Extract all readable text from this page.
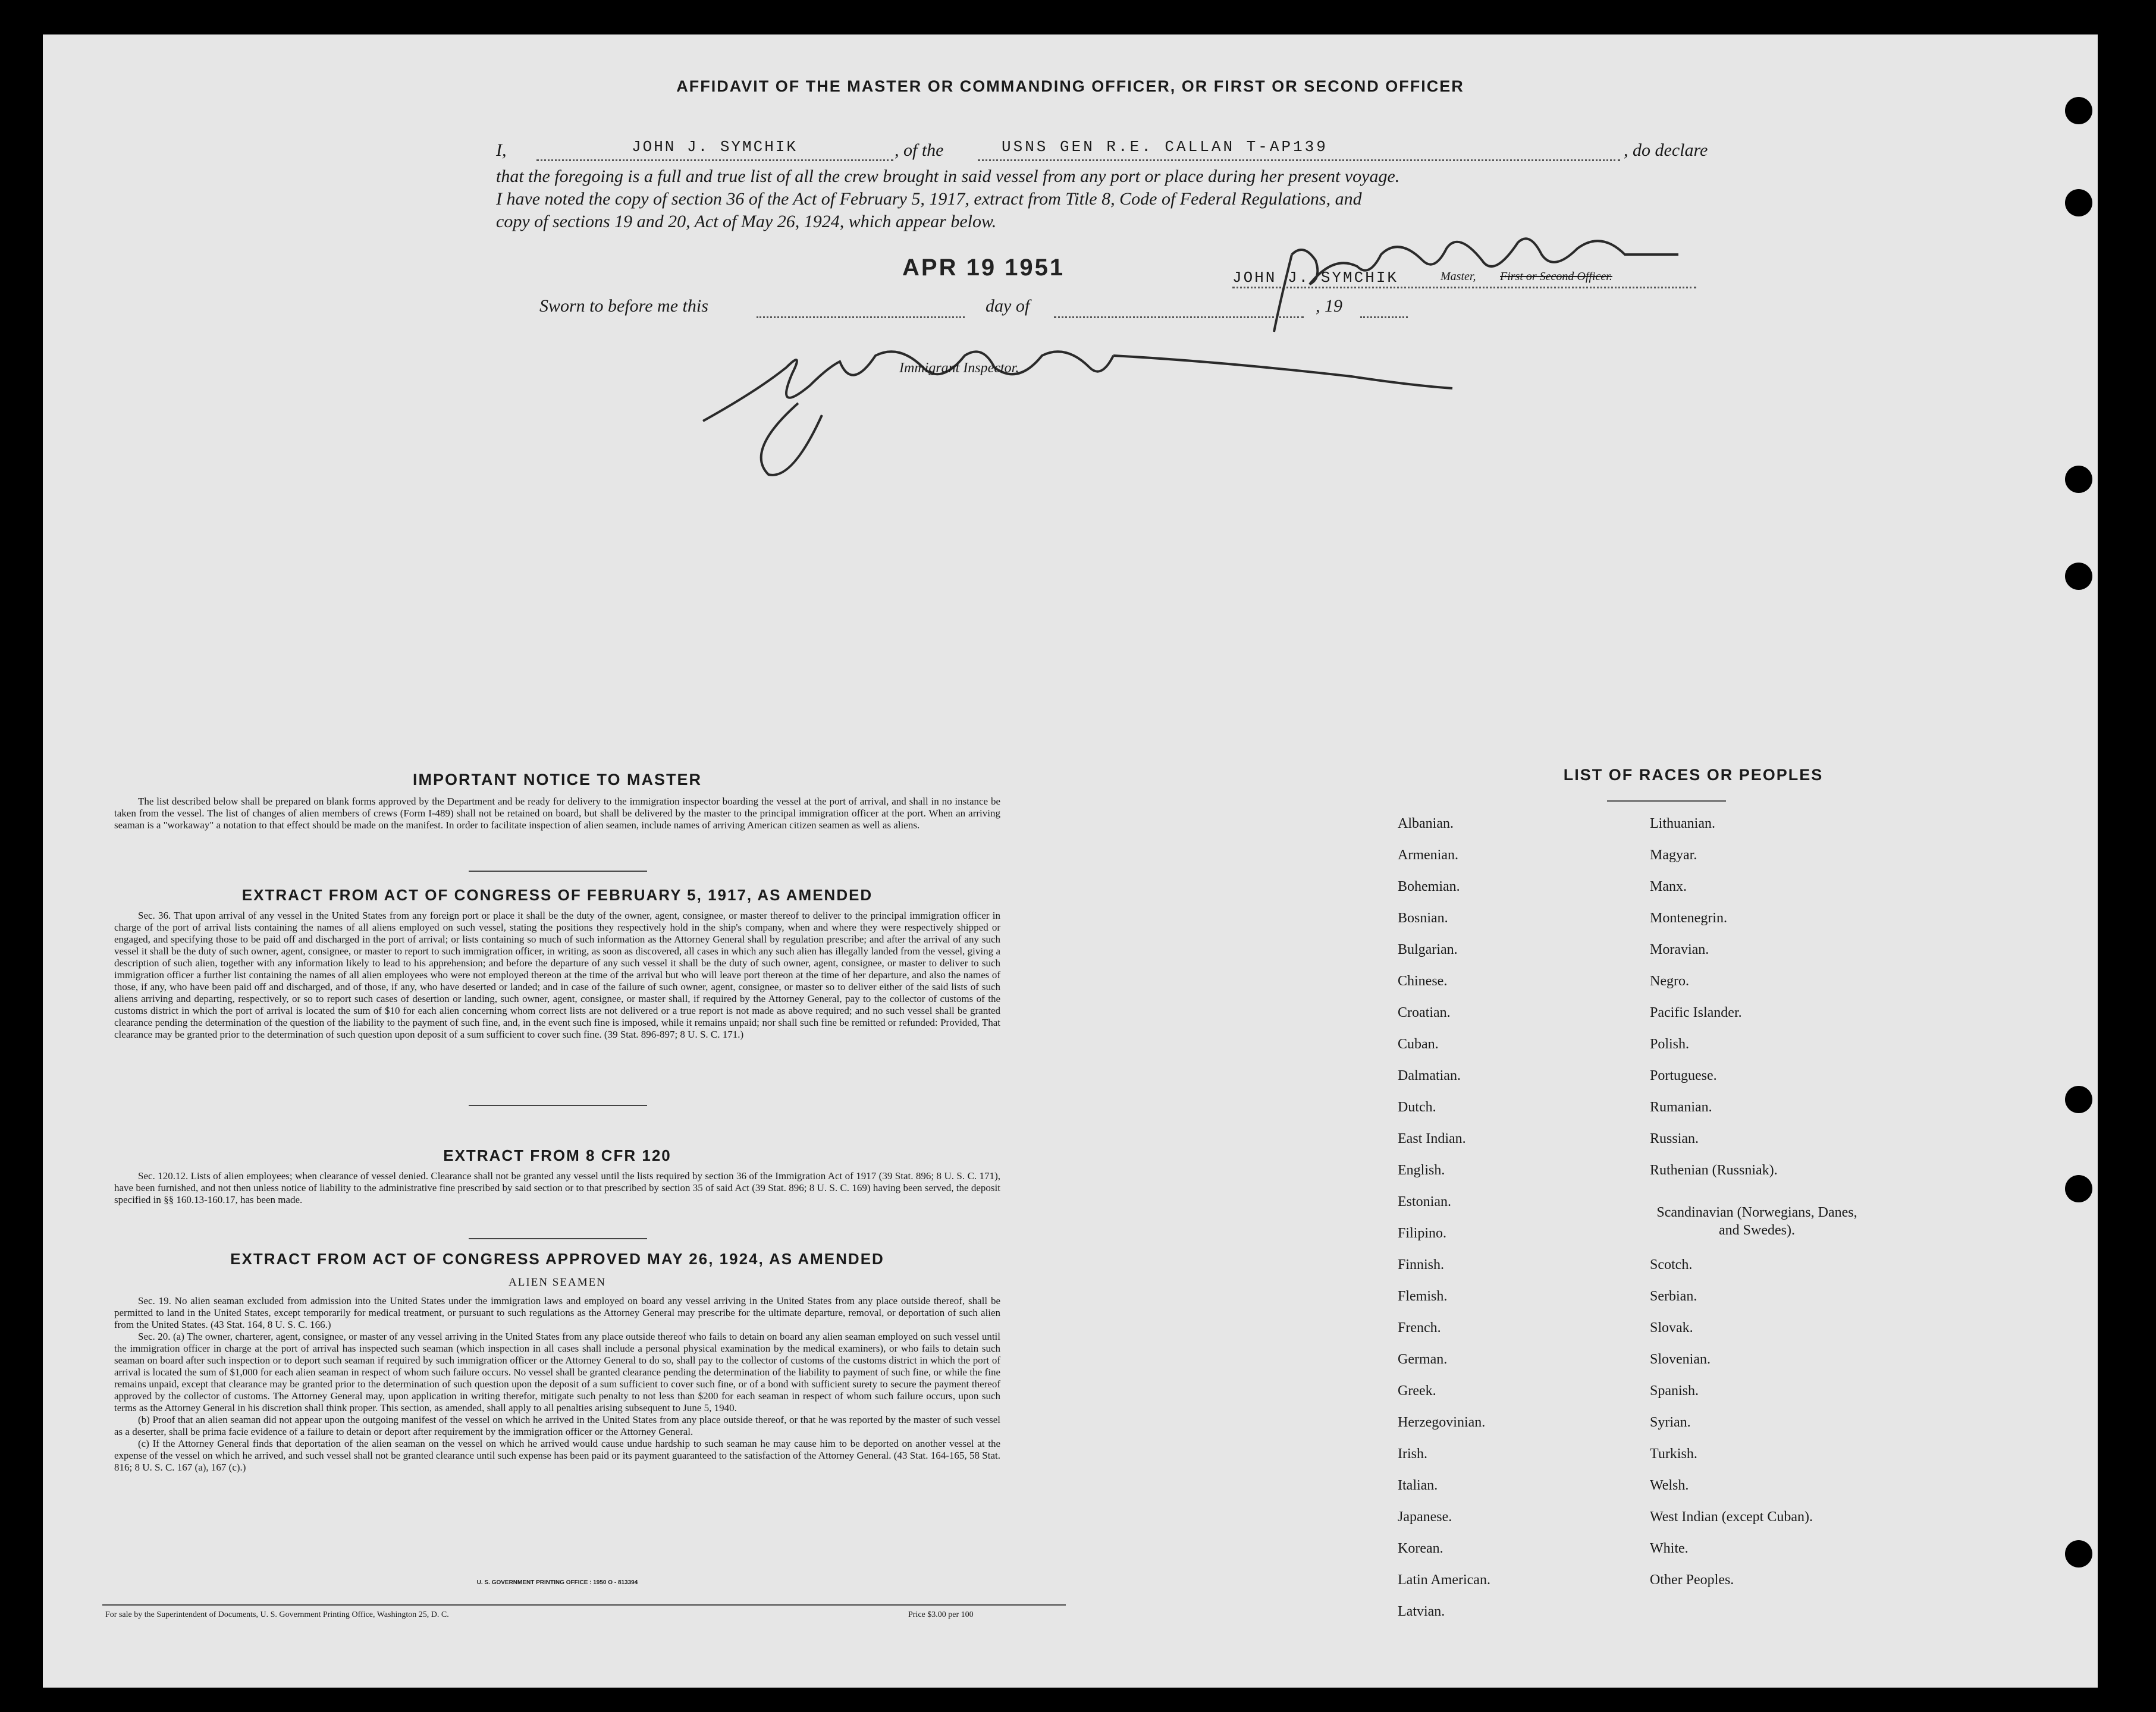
AFFIDAVIT OF THE MASTER OR COMMANDING OFFICER, OR FIRST OR SECOND OFFICER
I,	JOHN J. SYMCHIK	, of the	USNS GEN R.E. CALLAN T-AP139	, do declare
that the foregoing is a full and true list of all the crew brought in said vessel from any port or place during her present voyage.
I have noted the copy of section 36 of the Act of February 5, 1917, extract from Title 8, Code of Federal Regulations, and
copy of sections 19 and 20, Act of May 26, 1924, which appear below.
APR 19 1951
Sworn to before me this	day of	, 19
JOHN J. SYMCHIK	Master, First or Second Officer.
Immigrant Inspector.
IMPORTANT NOTICE TO MASTER

The list described below shall be prepared on blank forms approved by the Department and be ready for delivery to the immigration inspector boarding the vessel at the port of arrival, and shall in no instance be taken from the vessel. The list of changes of alien members of crews (Form I-489) shall not be retained on board, but shall be delivered by the master to the principal immigration officer at the port. When an arriving seaman is a "workaway" a notation to that effect should be made on the manifest. In order to facilitate inspection of alien seamen, include names of arriving American citizen seamen as well as aliens.

EXTRACT FROM ACT OF CONGRESS OF FEBRUARY 5, 1917, AS AMENDED

Sec. 36. That upon arrival of any vessel in the United States from any foreign port or place it shall be the duty of the owner, agent, consignee, or master thereof to deliver to the principal immigration officer in charge of the port of arrival lists containing the names of all aliens employed on such vessel, stating the positions they respectively hold in the ship's company, when and where they were respectively shipped or engaged, and specifying those to be paid off and discharged in the port of arrival; or lists containing so much of such information as the Attorney General shall by regulation prescribe; and after the arrival of any such vessel it shall be the duty of such owner, agent, consignee, or master to report to such immigration officer, in writing, as soon as discovered, all cases in which any such alien has illegally landed from the vessel, giving a description of such alien, together with any information likely to lead to his apprehension; and before the departure of any such vessel it shall be the duty of such owner, agent, consignee, or master to deliver to such immigration officer a further list containing the names of all alien employees who were not employed thereon at the time of the arrival but who will leave port thereon at the time of her departure, and also the names of those, if any, who have been paid off and discharged, and of those, if any, who have deserted or landed; and in case of the failure of such owner, agent, consignee, or master so to deliver either of the said lists of such aliens arriving and departing, respectively, or so to report such cases of desertion or landing, such owner, agent, consignee, or master shall, if required by the Attorney General, pay to the collector of customs of the customs district in which the port of arrival is located the sum of $10 for each alien concerning whom correct lists are not delivered or a true report is not made as above required; and no such vessel shall be granted clearance pending the determination of the question of the liability to the payment of such fine, and, in the event such fine is imposed, while it remains unpaid; nor shall such fine be remitted or refunded: Provided, That clearance may be granted prior to the determination of such question upon deposit of a sum sufficient to cover such fine. (39 Stat. 896-897; 8 U. S. C. 171.)

EXTRACT FROM 8 CFR 120

Sec. 120.12. Lists of alien employees; when clearance of vessel denied. Clearance shall not be granted any vessel until the lists required by section 36 of the Immigration Act of 1917 (39 Stat. 896; 8 U. S. C. 171), have been furnished, and not then unless notice of liability to the administrative fine prescribed by said section or to that prescribed by section 35 of said Act (39 Stat. 896; 8 U. S. C. 169) having been served, the deposit specified in §§ 160.13-160.17, has been made.

EXTRACT FROM ACT OF CONGRESS APPROVED MAY 26, 1924, AS AMENDED
ALIEN SEAMEN

Sec. 19. No alien seaman excluded from admission into the United States under the immigration laws and employed on board any vessel arriving in the United States from any place outside thereof, shall be permitted to land in the United States, except temporarily for medical treatment, or pursuant to such regulations as the Attorney General may prescribe for the ultimate departure, removal, or deportation of such alien from the United States. (43 Stat. 164, 8 U. S. C. 166.)

Sec. 20. (a) The owner, charterer, agent, consignee, or master of any vessel arriving in the United States from any place outside thereof who fails to detain on board any alien seaman employed on such vessel until the immigration officer in charge at the port of arrival has inspected such seaman (which inspection in all cases shall include a personal physical examination by the medical examiners), or who fails to detain such seaman on board after such inspection or to deport such seaman if required by such immigration officer or the Attorney General to do so, shall pay to the collector of customs of the customs district in which the port of arrival is located the sum of $1,000 for each alien seaman in respect of whom such failure occurs. No vessel shall be granted clearance pending the determination of the liability to payment of such fine, or while the fine remains unpaid, except that clearance may be granted prior to the determination of such question upon the deposit of a sum sufficient to cover such fine, or of a bond with sufficient surety to secure the payment thereof approved by the collector of customs. The Attorney General may, upon application in writing therefor, mitigate such penalty to not less than $200 for each seaman in respect of whom such failure occurs, upon such terms as the Attorney General in his discretion shall think proper. This section, as amended, shall apply to all penalties arising subsequent to June 5, 1940.

(b) Proof that an alien seaman did not appear upon the outgoing manifest of the vessel on which he arrived in the United States from any place outside thereof, or that he was reported by the master of such vessel as a deserter, shall be prima facie evidence of a failure to detain or deport after requirement by the immigration officer or the Attorney General.

(c) If the Attorney General finds that deportation of the alien seaman on the vessel on which he arrived would cause undue hardship to such seaman he may cause him to be deported on another vessel at the expense of the vessel on which he arrived, and such vessel shall not be granted clearance until such expense has been paid or its payment guaranteed to the satisfaction of the Attorney General. (43 Stat. 164-165, 58 Stat. 816; 8 U. S. C. 167 (a), 167 (c).)

U. S. GOVERNMENT PRINTING OFFICE : 1950 O - 813394
For sale by the Superintendent of Documents, U. S. Government Printing Office, Washington 25, D. C.	Price $3.00 per 100
LIST OF RACES OR PEOPLES
Albanian.
Armenian.
Bohemian.
Bosnian.
Bulgarian.
Chinese.
Croatian.
Cuban.
Dalmatian.
Dutch.
East Indian.
English.
Estonian.
Filipino.
Finnish.
Flemish.
French.
German.
Greek.
Herzegovinian.
Irish.
Italian.
Japanese.
Korean.
Latin American.
Latvian.
Lithuanian.
Magyar.
Manx.
Montenegrin.
Moravian.
Negro.
Pacific Islander.
Polish.
Portuguese.
Rumanian.
Russian.
Ruthenian (Russniak).
Scandinavian (Norwegians, Danes, and Swedes).
Scotch.
Serbian.
Slovak.
Slovenian.
Spanish.
Syrian.
Turkish.
Welsh.
West Indian (except Cuban).
White.
Other Peoples.
